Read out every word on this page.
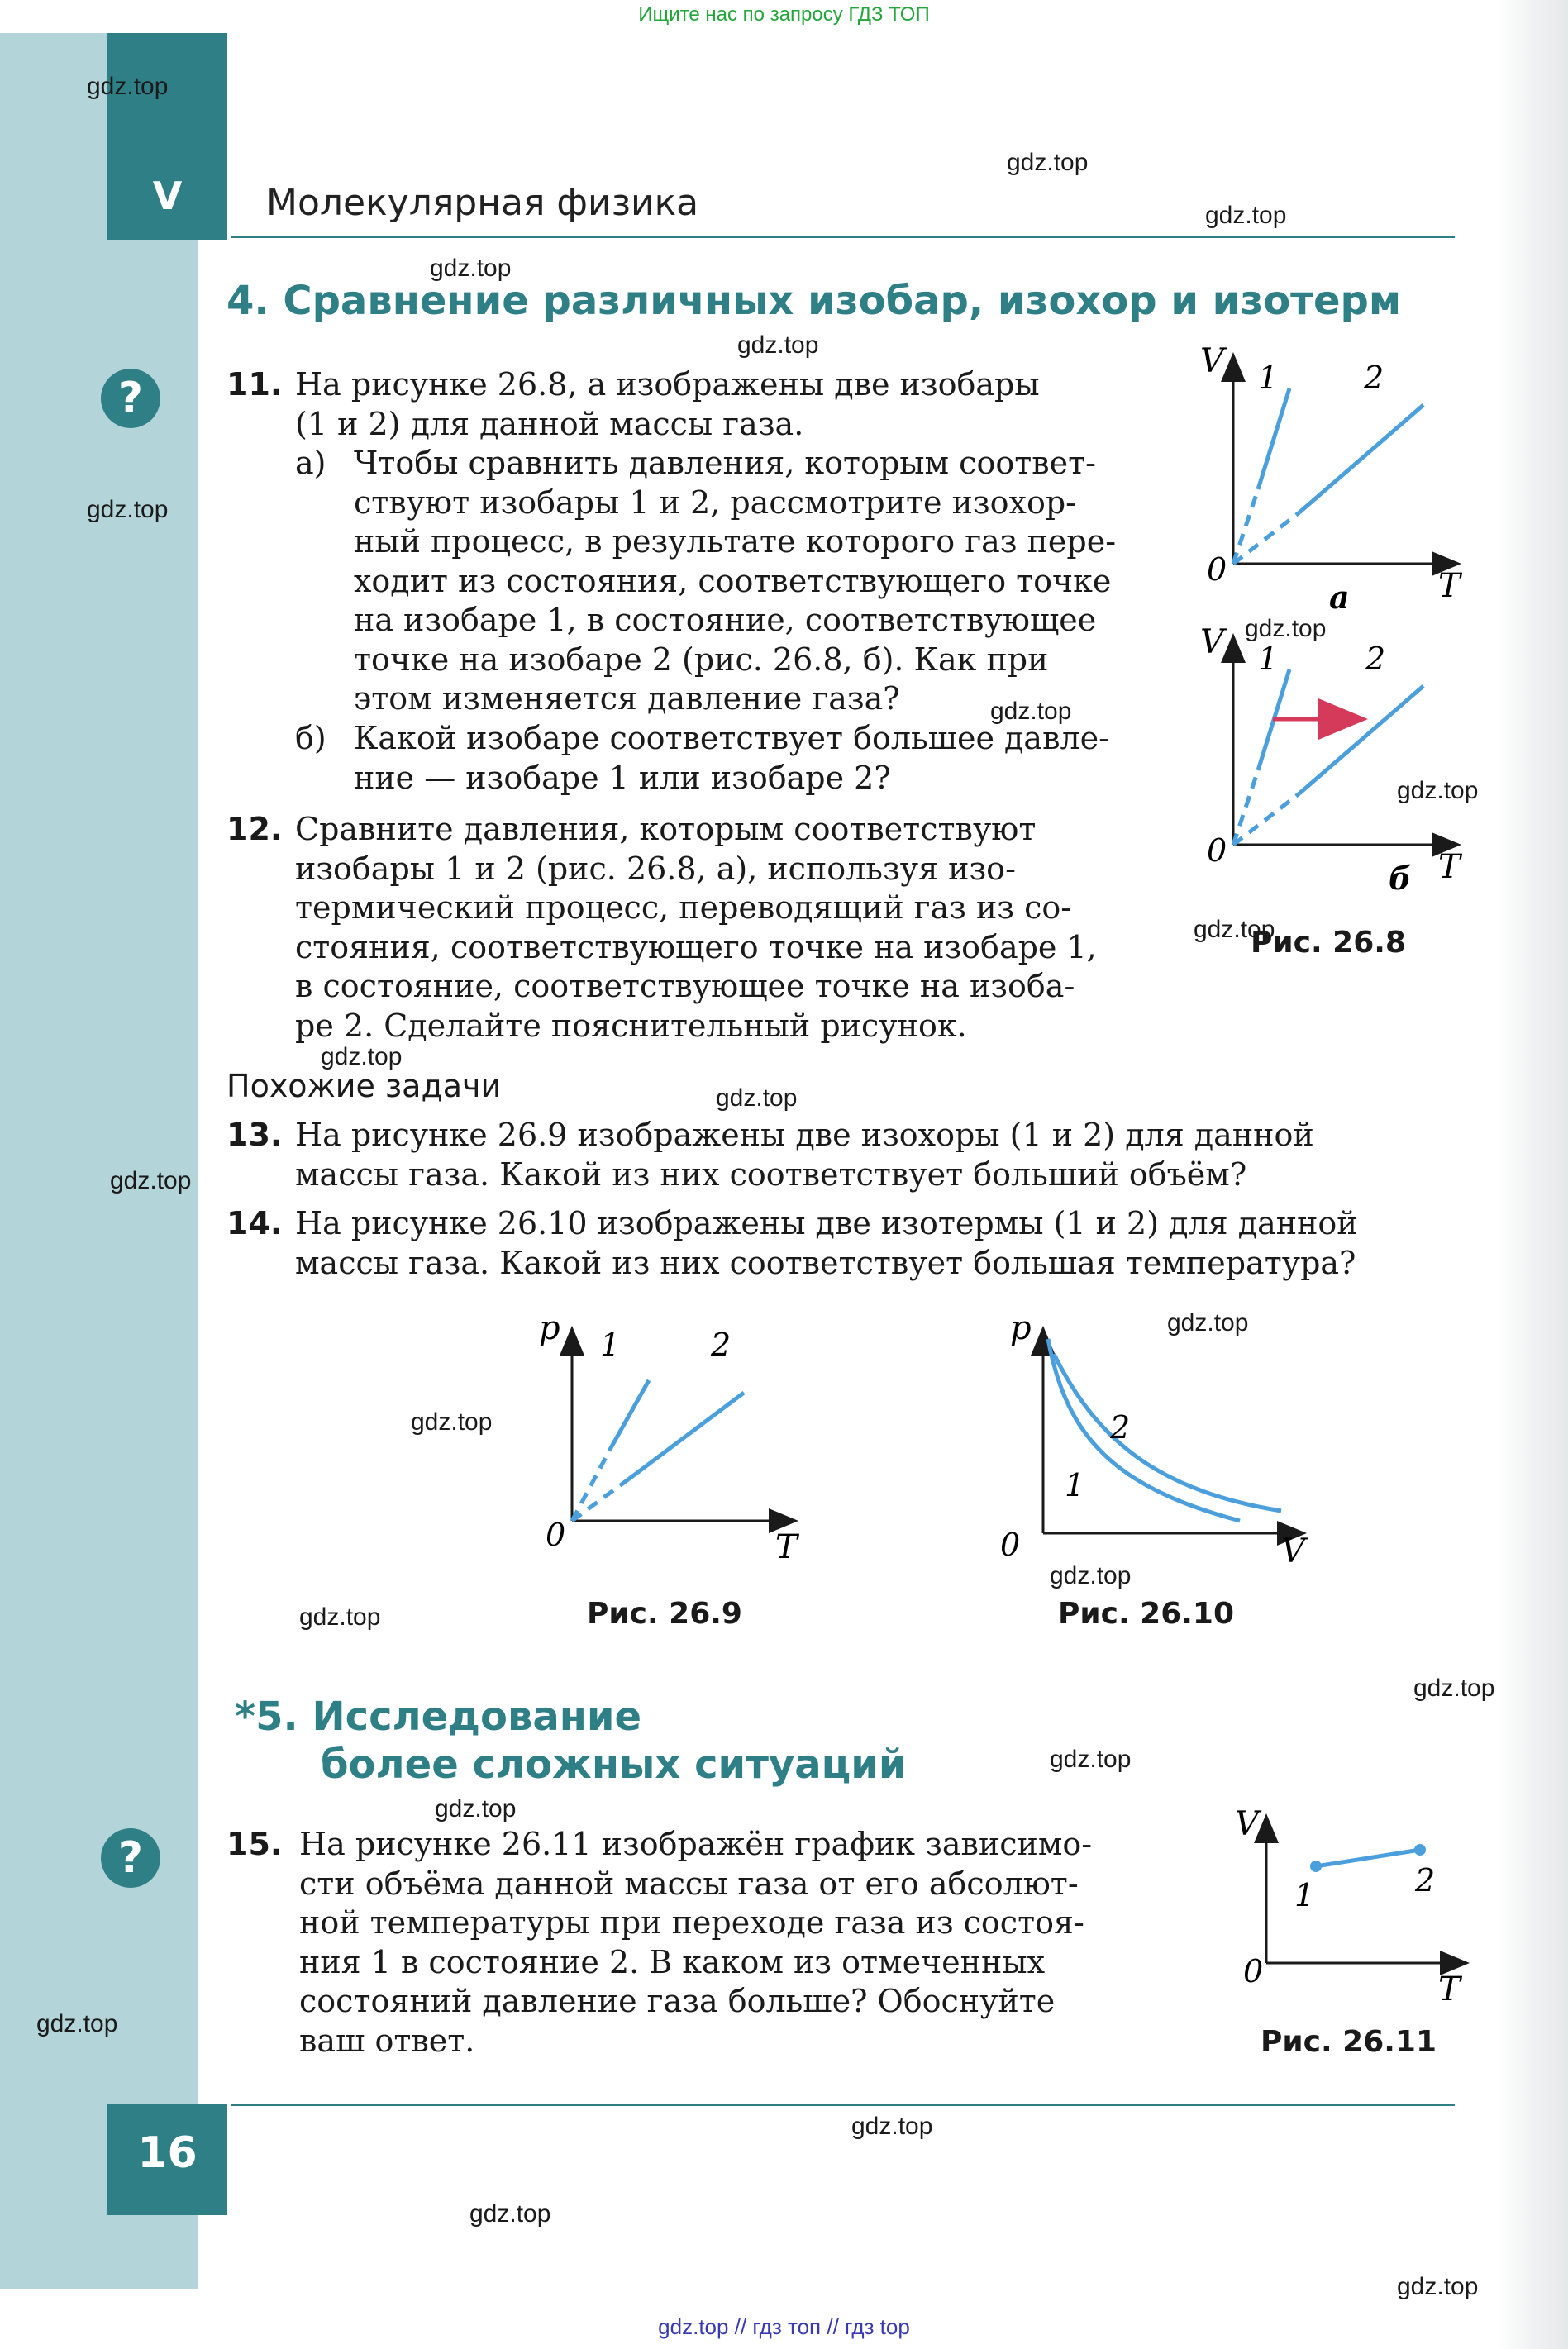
V	Молекулярная физика
Ищите нас по запросу ГДЗ ТОП
4. Сравнение различных изобар, изохор и изотерм
?	11. На рисунке 26.8, а изображены две изобары
(1 и 2) для данной массы газа.
а) Чтобы сравнить давления, которым соответ-
ствуют изобары 1 и 2, рассмотрите изохор-
ный процесс, в результате которого газ пере-
ходит из состояния, соответствующего точке
на изобаре 1, в состояние, соответствующее
точке на изобаре 2 (рис. 26.8, б). Как при
этом изменяется давление газа?
б) Какой изобаре соответствует большее давле-
ние — изобаре 1 или изобаре 2?
12. Сравните давления, которым соответствуют
изобары 1 и 2 (рис. 26.8, а), используя изо-
термический процесс, переводящий газ из со-
стояния, соответствующего точке на изобаре 1,
в состояние, соответствующее точке на изоба-
ре 2. Сделайте пояснительный рисунок.
V
T
0
1	2
а
V
T
0
1	2
б
Рис. 26.8
Похожие задачи
13. На рисунке 26.9 изображены две изохоры (1 и 2) для данной
массы газа. Какой из них соответствует больший объём?
14. На рисунке 26.10 изображены две изотермы (1 и 2) для данной
массы газа. Какой из них соответствует большая температура?
p
T
0
1	2
Рис. 26.9
p
V
0
1
2
Рис. 26.10
*5. Исследование
более сложных ситуаций
?	15. На рисунке 26.11 изображён график зависимо-
сти объёма данной массы газа от его абсолют-
ной температуры при переходе газа из состоя-
ния 1 в состояние 2. В каком из отмеченных
состояний давление газа больше? Обоснуйте
ваш ответ.
V
T
0
1	2
Рис. 26.11
16
gdz.top
gdz.top
gdz.top
gdz.top
gdz.top
gdz.top
gdz.top
gdz.top
gdz.top
gdz.top
gdz.top
gdz.top
gdz.top
gdz.top
gdz.top
gdz.top
gdz.top
gdz.top
gdz.top
gdz.top
gdz.top
gdz.top
gdz.top
gdz.top
gdz.top // гдз топ // гдз top
